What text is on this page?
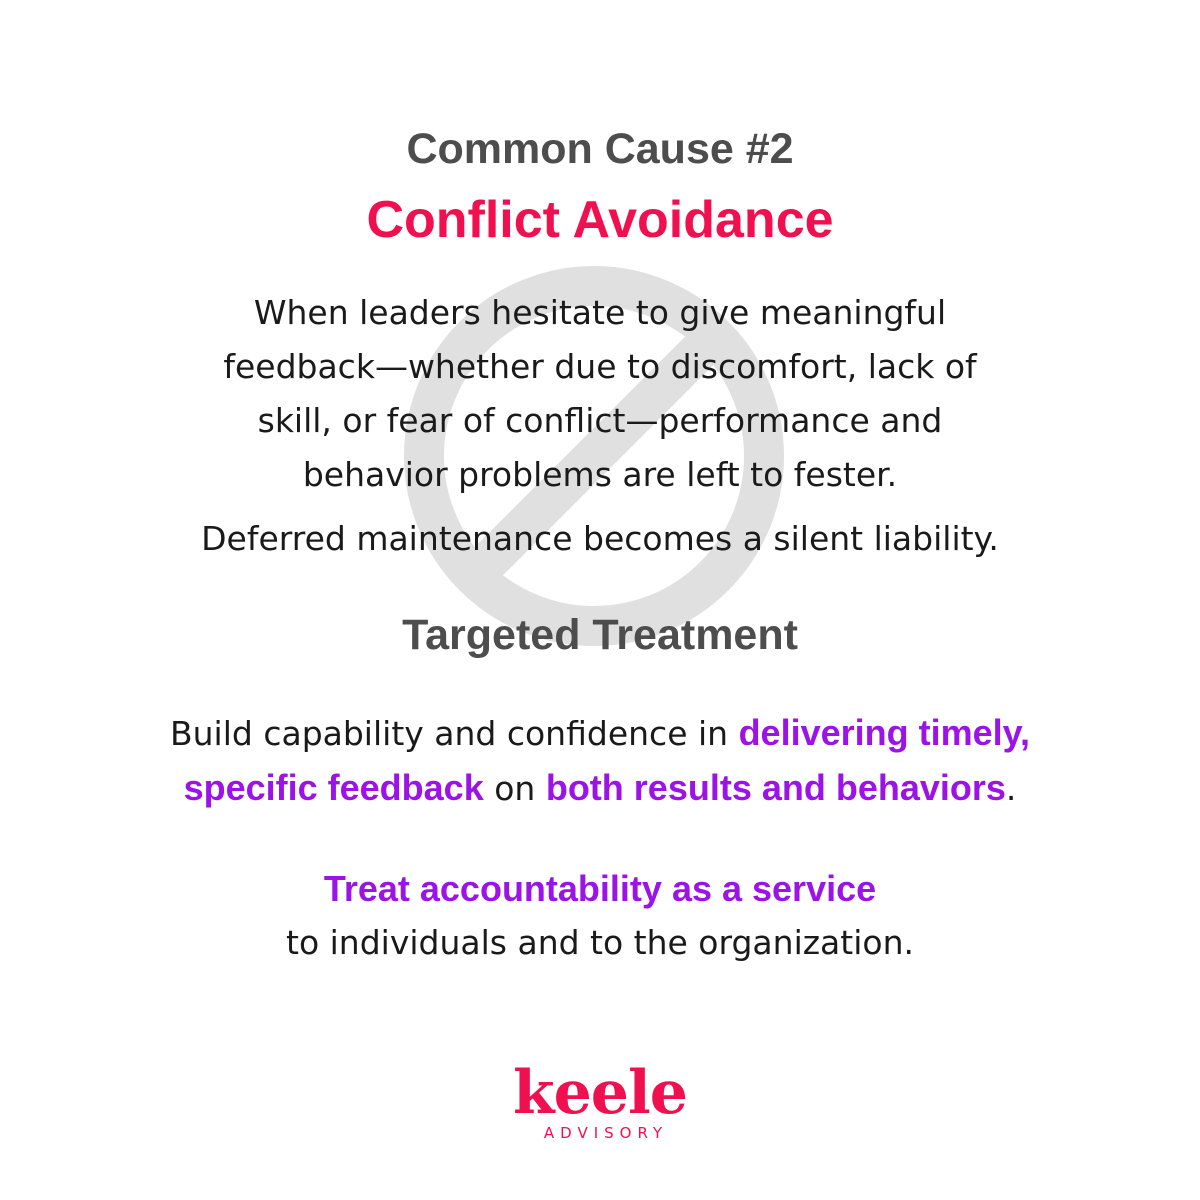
Common Cause #2
Conflict Avoidance
When leaders hesitate to give meaningful
feedback—whether due to discomfort, lack of
skill, or fear of conflict—performance and
behavior problems are left to fester.
Deferred maintenance becomes a silent liability.
Targeted Treatment
Build capability and confidence in delivering timely,
specific feedback on both results and behaviors.
Treat accountability as a service
to individuals and to the organization.
keele
ADVISORY
